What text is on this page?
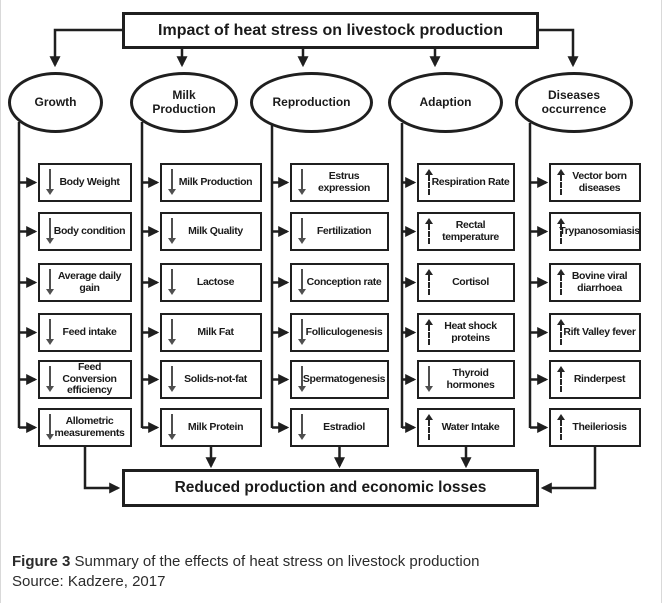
Impact of heat stress on livestock production
Growth	Milk Production	Reproduction	Adaption	Diseases occurrence
Body Weight
Body condition
Average daily gain
Feed intake
Feed Conversion efficiency
Allometric measurements
Milk Production
Milk Quality
Lactose
Milk Fat
Solids-not-fat
Milk Protein
Estrus expression
Fertilization
Conception rate
Folliculogenesis
Spermatogenesis
Estradiol
Respiration Rate
Rectal temperature
Cortisol
Heat shock proteins
Thyroid hormones
Water Intake
Vector born diseases
Trypanosomiasis
Bovine viral diarrhoea
Rift Valley fever
Rinderpest
Theileriosis
Reduced production and economic losses

Figure 3 Summary of the effects of heat stress on livestock production

Source: Kadzere, 2017
